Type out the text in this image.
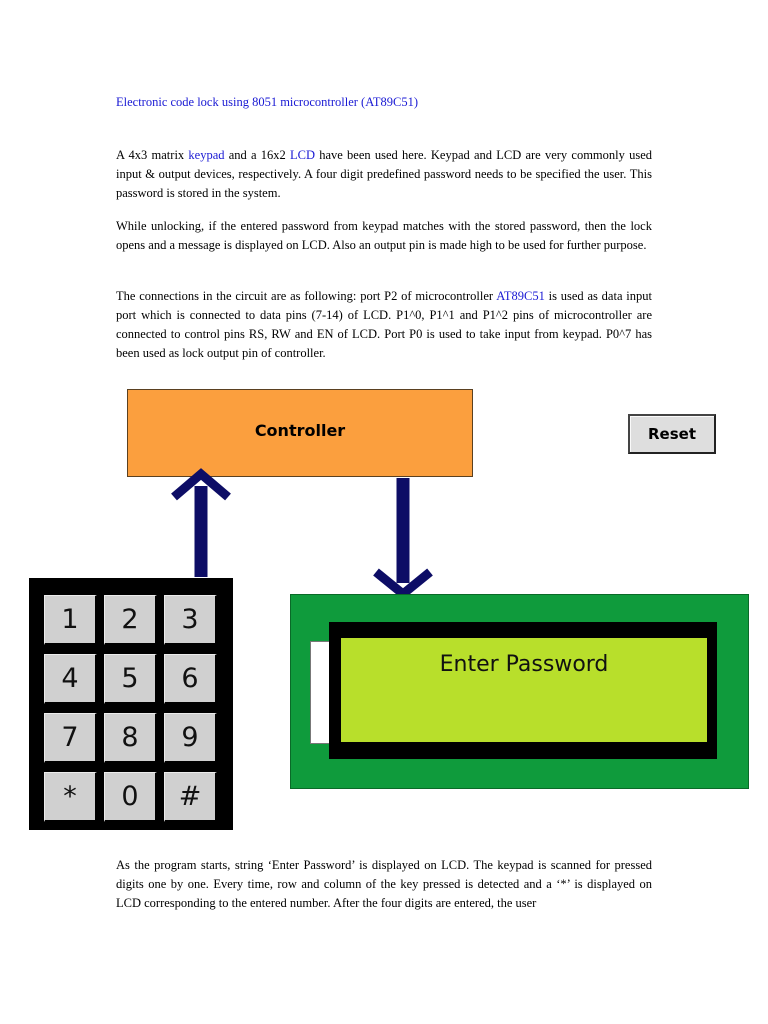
Electronic code lock using 8051 microcontroller (AT89C51)

A 4x3 matrix keypad and a 16x2 LCD have been used here. Keypad and LCD are very commonly used input & output devices, respectively. A four digit predefined password needs to be specified the user. This password is stored in the system.

While unlocking, if the entered password from keypad matches with the stored password, then the lock opens and a message is displayed on LCD. Also an output pin is made high to be used for further purpose.

The connections in the circuit are as following: port P2 of microcontroller AT89C51 is used as data input port which is connected to data pins (7-14) of LCD. P1^0, P1^1 and P1^2 pins of microcontroller are connected to control pins RS, RW and EN of LCD. Port P0 is used to take input from keypad. P0^7 has been used as lock output pin of controller.

Controller	Reset
1	2	3
4	5	6
7	8	9
*	0	#
Enter Password

As the program starts, string ‘Enter Password’ is displayed on LCD. The keypad is scanned for pressed digits one by one. Every time, row and column of the key pressed is detected and a ‘*’ is displayed on LCD corresponding to the entered number. After the four digits are entered, the user
